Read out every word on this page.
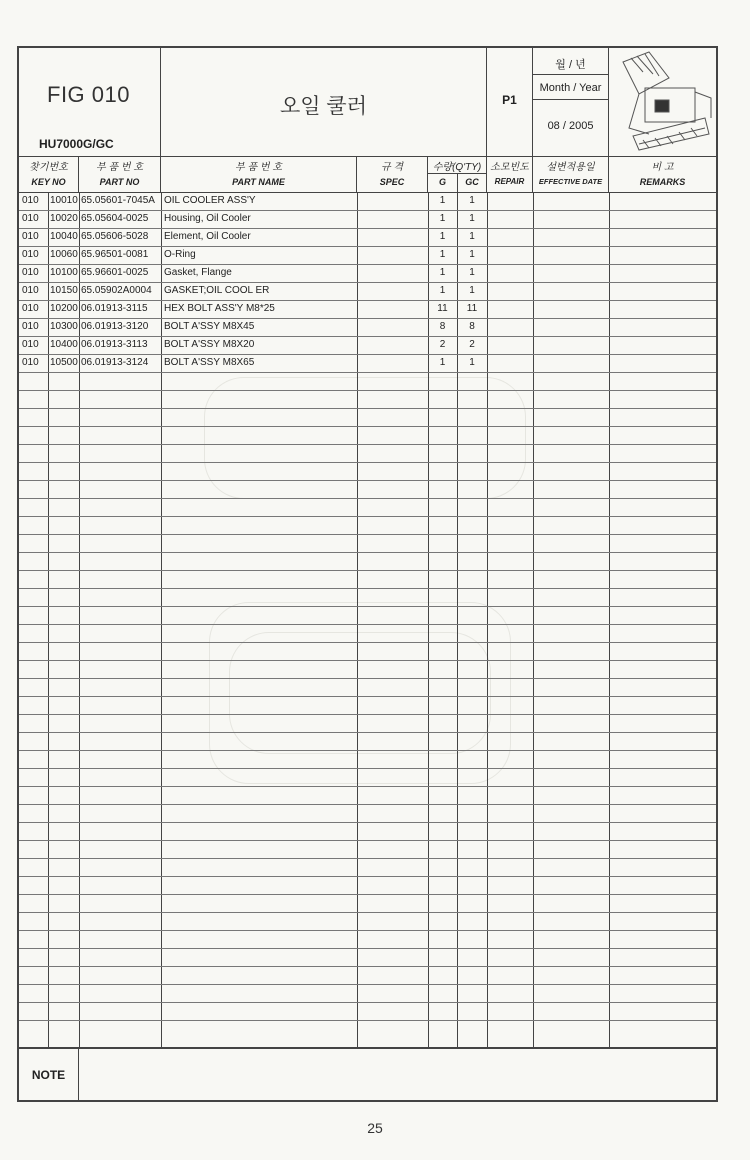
FIG 010
HU7000G/GC
오일 쿨러	P1
월 / 년
Month / Year
08 / 2005
찾기번호
KEY NO
부 품 번 호
PART NO
부 품 번 호
PART NAME
규 격
SPEC
수량(Q'TY)
G	GC
소모빈도
REPAIR
설변적용일
EFFECTIVE DATE
비 고
REMARKS
010 10010 65.05601-7045A OIL COOLER ASS'Y	1	1
010 10020 65.05604-0025 Housing, Oil Cooler	1	1
010 10040 65.05606-5028 Element, Oil Cooler	1	1
010 10060 65.96501-0081 O-Ring	1	1
010 10100 65.96601-0025 Gasket, Flange	1	1
010 10150 65.05902A0004 GASKET;OIL COOL ER	1	1
010 10200 06.01913-3115 HEX BOLT ASS'Y M8*25	11	11
010 10300 06.01913-3120 BOLT A'SSY M8X45	8	8
010 10400 06.01913-3113 BOLT A'SSY M8X20	2	2
010 10500 06.01913-3124 BOLT A'SSY M8X65	1	1
NOTE
25
